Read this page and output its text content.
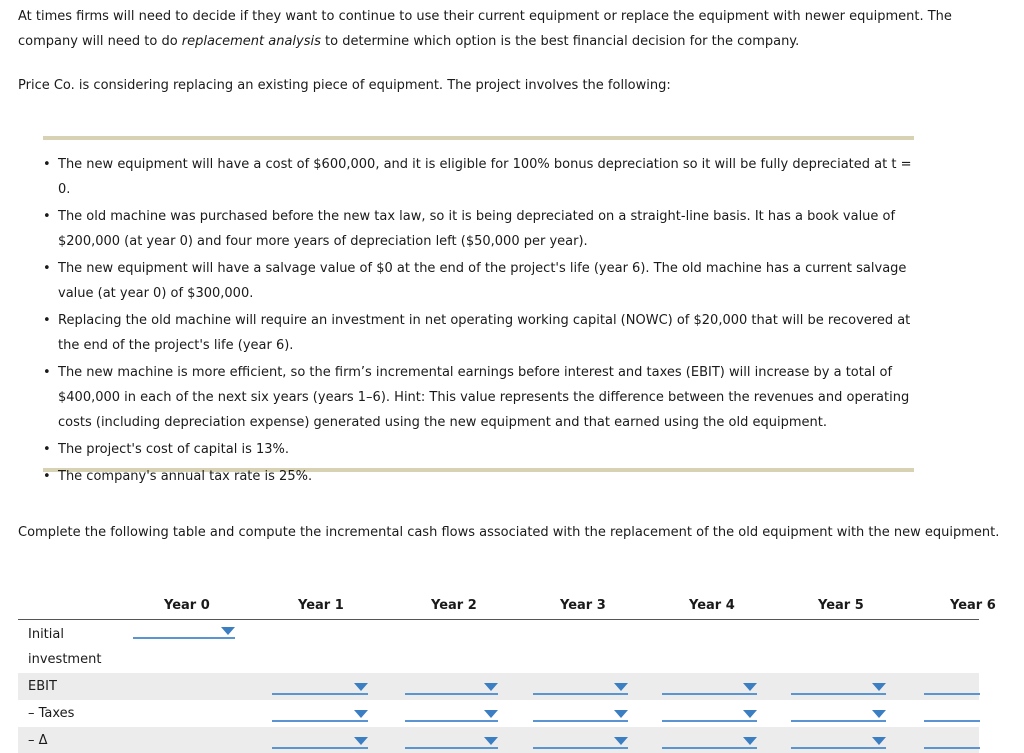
At times firms will need to decide if they want to continue to use their current equipment or replace the equipment with newer equipment. The

company will need to do replacement analysis to determine which option is the best financial decision for the company.

Price Co. is considering replacing an existing piece of equipment. The project involves the following:

• The new equipment will have a cost of $600,000, and it is eligible for 100% bonus depreciation so it will be fully depreciated at t = 0.
• The old machine was purchased before the new tax law, so it is being depreciated on a straight-line basis. It has a book value of $200,000 (at year 0) and four more years of depreciation left ($50,000 per year).
• The new equipment will have a salvage value of $0 at the end of the project's life (year 6). The old machine has a current salvage value (at year 0) of $300,000.
• Replacing the old machine will require an investment in net operating working capital (NOWC) of $20,000 that will be recovered at the end of the project's life (year 6).
• The new machine is more efficient, so the firm’s incremental earnings before interest and taxes (EBIT) will increase by a total of $400,000 in each of the next six years (years 1–6). Hint: This value represents the difference between the revenues and operating costs (including depreciation expense) generated using the new equipment and that earned using the old equipment.
• The project's cost of capital is 13%.
• The company's annual tax rate is 25%.

Complete the following table and compute the incremental cash flows associated with the replacement of the old equipment with the new equipment.

Year 0	Year 1	Year 2	Year 3	Year 4	Year 5	Year 6
Initial
investment
EBIT
– Taxes
– Δ
